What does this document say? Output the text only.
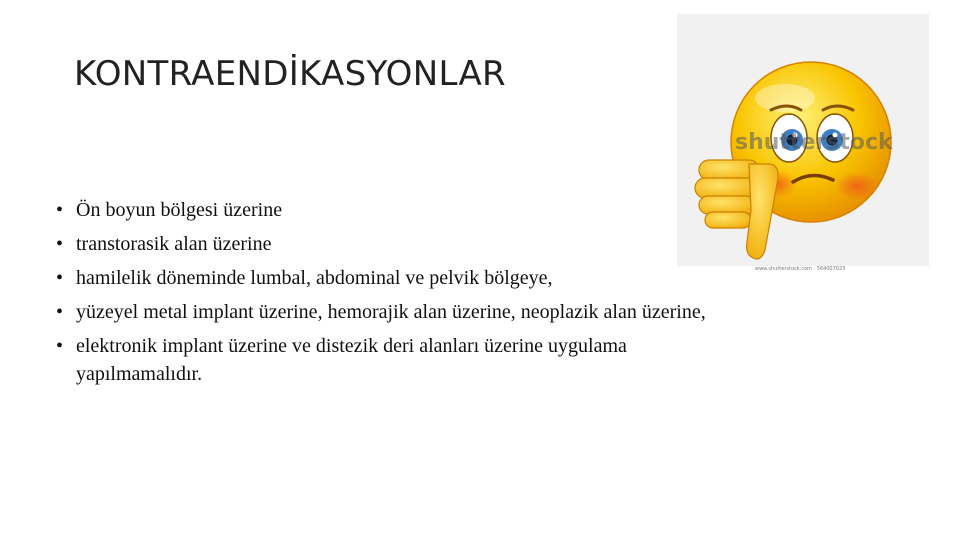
KONTRAENDİKASYONLAR
• Ön boyun bölgesi üzerine
• transtorasik alan üzerine
• hamilelik döneminde lumbal, abdominal ve pelvik bölgeye,
• yüzeyel metal implant üzerine, hemorajik alan üzerine, neoplazik alan üzerine,
• elektronik implant üzerine ve distezik deri alanları üzerine uygulama yapılmamalıdır.
shutterstock
www.shutterstock.com · 564007023
